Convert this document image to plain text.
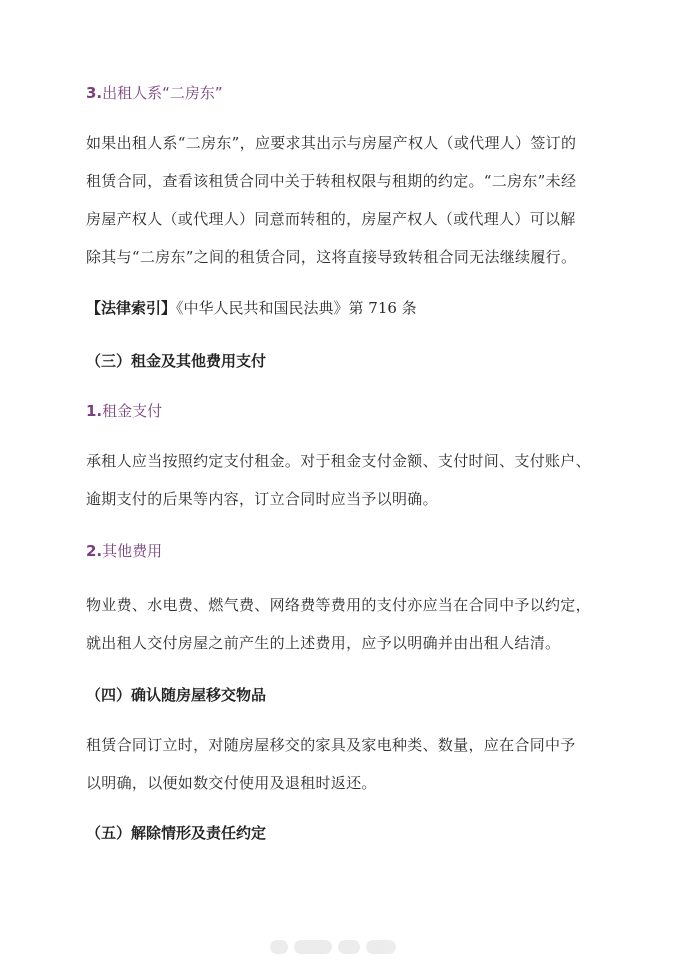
3.出租人系“二房东”
如果出租人系“二房东”，应要求其出示与房屋产权人（或代理人）签订的
租赁合同，查看该租赁合同中关于转租权限与租期的约定。“二房东”未经
房屋产权人（或代理人）同意而转租的，房屋产权人（或代理人）可以解
除其与“二房东”之间的租赁合同，这将直接导致转租合同无法继续履行。
【法律索引】《中华人民共和国民法典》第 716 条
（三）租金及其他费用支付
1.租金支付
承租人应当按照约定支付租金。对于租金支付金额、支付时间、支付账户、
逾期支付的后果等内容，订立合同时应当予以明确。
2.其他费用
物业费、水电费、燃气费、网络费等费用的支付亦应当在合同中予以约定，
就出租人交付房屋之前产生的上述费用，应予以明确并由出租人结清。
（四）确认随房屋移交物品
租赁合同订立时，对随房屋移交的家具及家电种类、数量，应在合同中予
以明确，以便如数交付使用及退租时返还。
（五）解除情形及责任约定
